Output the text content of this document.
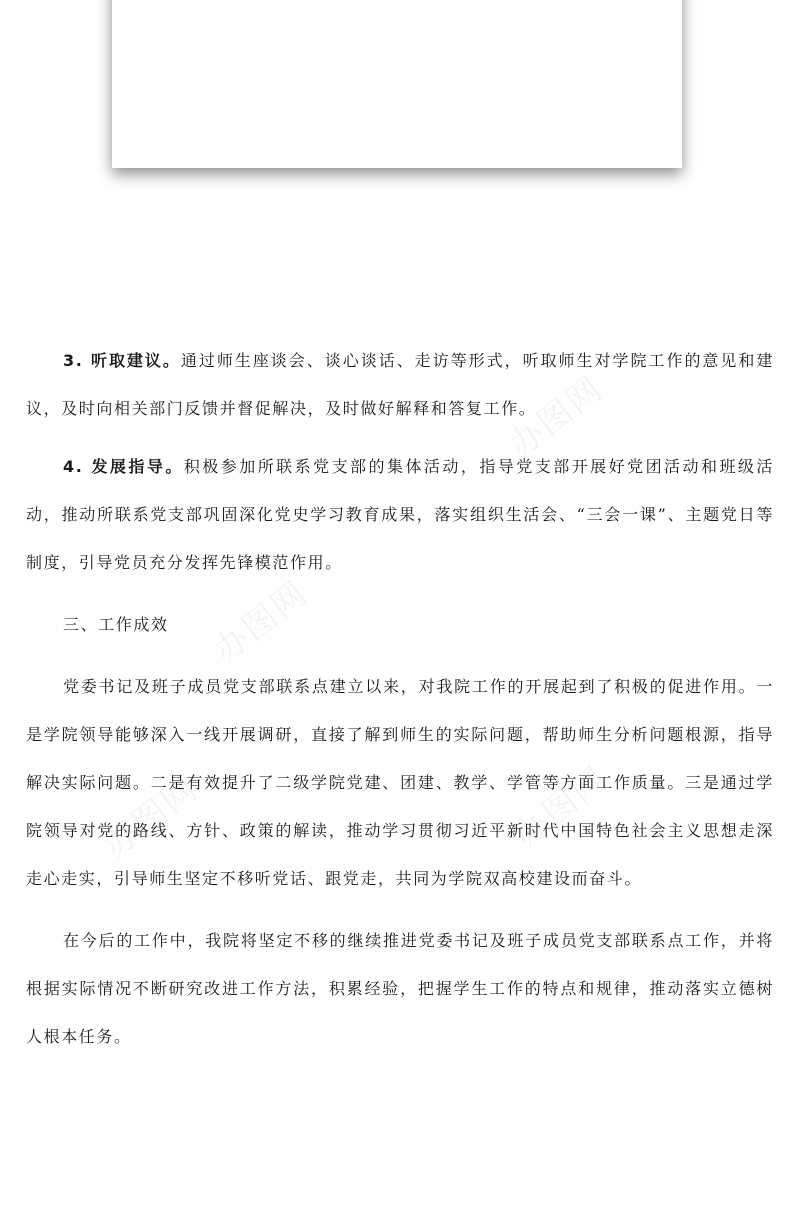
办图网
办图网
办图网
办图网

3. 听取建议。通过师生座谈会、谈心谈话、走访等形式，听取师生对学院工作的意见和建议，及时向相关部门反馈并督促解决，及时做好解释和答复工作。

4. 发展指导。积极参加所联系党支部的集体活动，指导党支部开展好党团活动和班级活动，推动所联系党支部巩固深化党史学习教育成果，落实组织生活会、“三会一课”、主题党日等制度，引导党员充分发挥先锋模范作用。

三、工作成效

党委书记及班子成员党支部联系点建立以来，对我院工作的开展起到了积极的促进作用。一是学院领导能够深入一线开展调研，直接了解到师生的实际问题，帮助师生分析问题根源，指导解决实际问题。二是有效提升了二级学院党建、团建、教学、学管等方面工作质量。三是通过学院领导对党的路线、方针、政策的解读，推动学习贯彻习近平新时代中国特色社会主义思想走深走心走实，引导师生坚定不移听党话、跟党走，共同为学院双高校建设而奋斗。

在今后的工作中，我院将坚定不移的继续推进党委书记及班子成员党支部联系点工作，并将根据实际情况不断研究改进工作方法，积累经验，把握学生工作的特点和规律，推动落实立德树人根本任务。
